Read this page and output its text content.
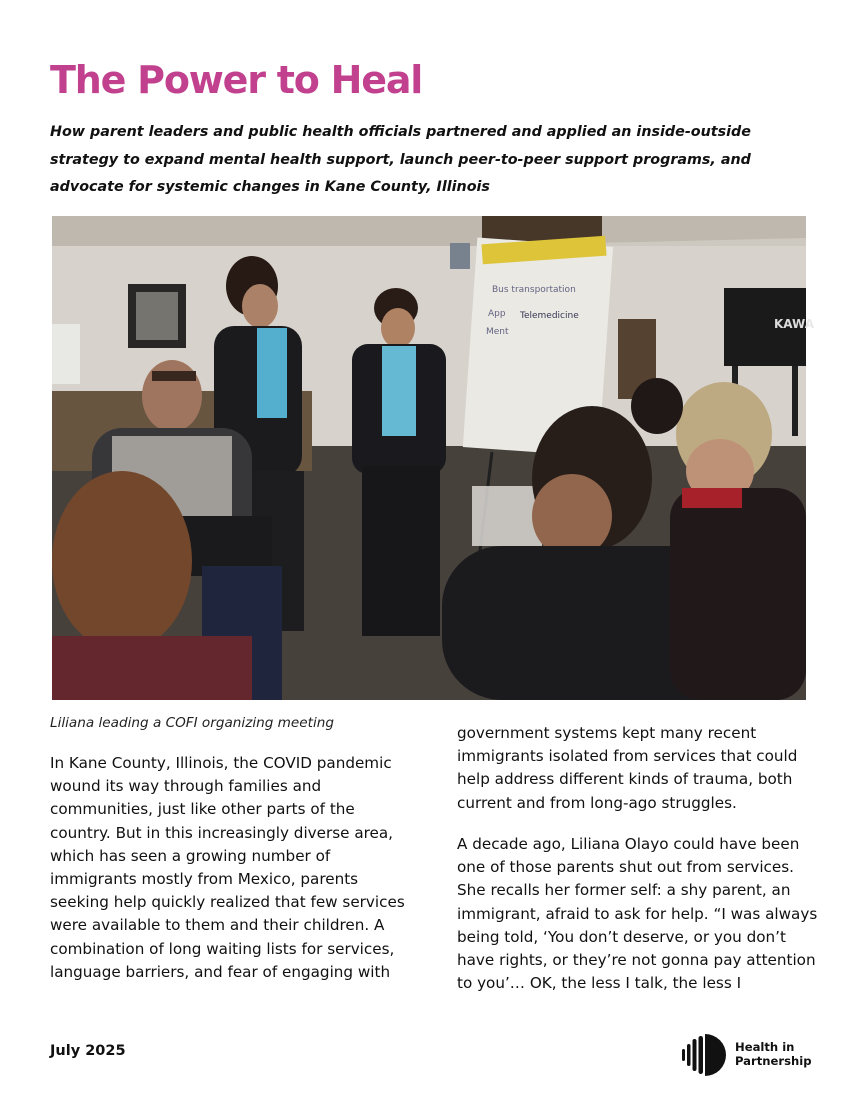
The Power to Heal

How parent leaders and public health officials partnered and applied an inside-outside strategy to expand mental health support, launch peer-to-peer support programs, and advocate for systemic changes in Kane County, Illinois

KAWA
Bus transportation
App Telemedicine
Ment

Liliana leading a COFI organizing meeting

In Kane County, Illinois, the COVID pandemic wound its way through families and communities, just like other parts of the country. But in this increasingly diverse area, which has seen a growing number of immigrants mostly from Mexico, parents seeking help quickly realized that few services were available to them and their children. A combination of long waiting lists for services, language barriers, and fear of engaging with

government systems kept many recent immigrants isolated from services that could help address different kinds of trauma, both current and from long-ago struggles.

A decade ago, Liliana Olayo could have been one of those parents shut out from services. She recalls her former self: a shy parent, an immigrant, afraid to ask for help. “I was always being told, ‘You don’t deserve, or you don’t have rights, or they’re not gonna pay attention to you’… OK, the less I talk, the less I

July 2025	Health in
Partnership
